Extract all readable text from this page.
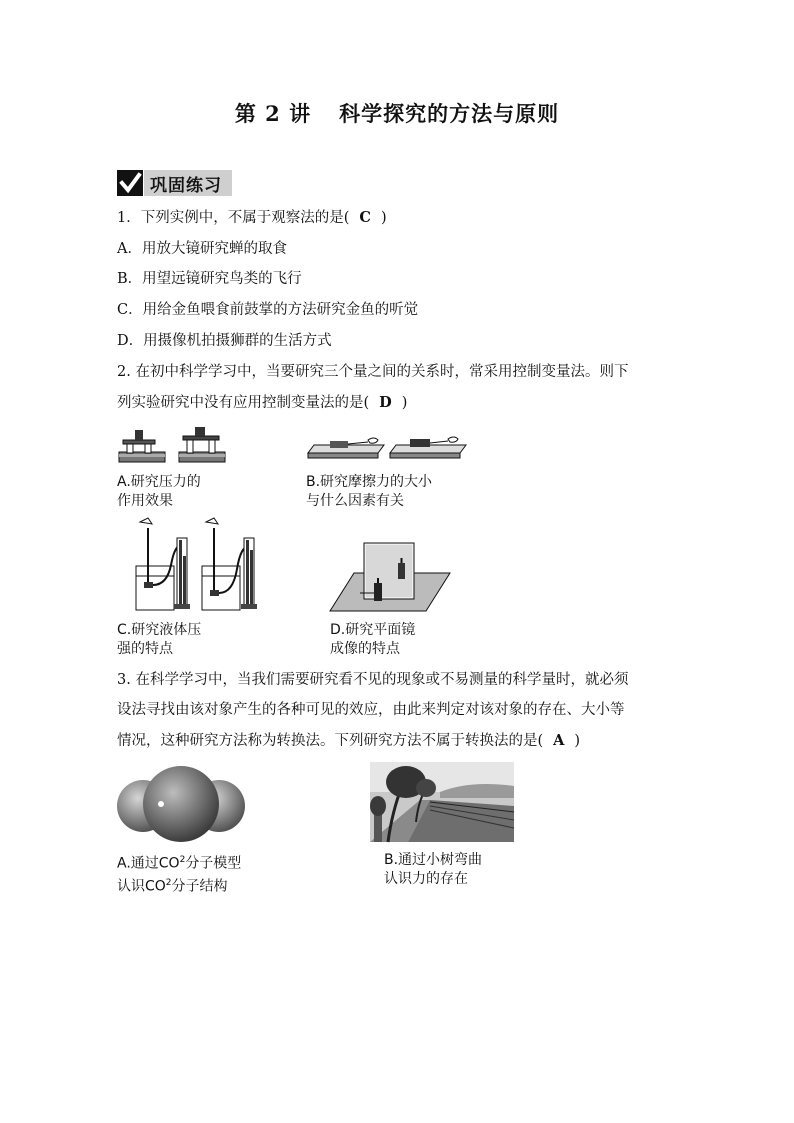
第 2 讲 科学探究的方法与原则
巩固练习
1．下列实例中，不属于观察法的是( C )
A．用放大镜研究蝉的取食
B．用望远镜研究鸟类的飞行
C．用给金鱼喂食前鼓掌的方法研究金鱼的听觉
D．用摄像机拍摄狮群的生活方式
2. 在初中科学学习中，当要研究三个量之间的关系时，常采用控制变量法。则下
列实验研究中没有应用控制变量法的是( D )
A.研究压力的
作用效果
B.研究摩擦力的大小
与什么因素有关
C.研究液体压
强的特点
D.研究平面镜
成像的特点
3. 在科学学习中，当我们需要研究看不见的现象或不易测量的科学量时，就必须
设法寻找由该对象产生的各种可见的效应，由此来判定对该对象的存在、大小等
情况，这种研究方法称为转换法。下列研究方法不属于转换法的是( A )
A.通过$CO^2$分子模型
认识$CO^2$分子结构
B.通过小树弯曲
认识力的存在
